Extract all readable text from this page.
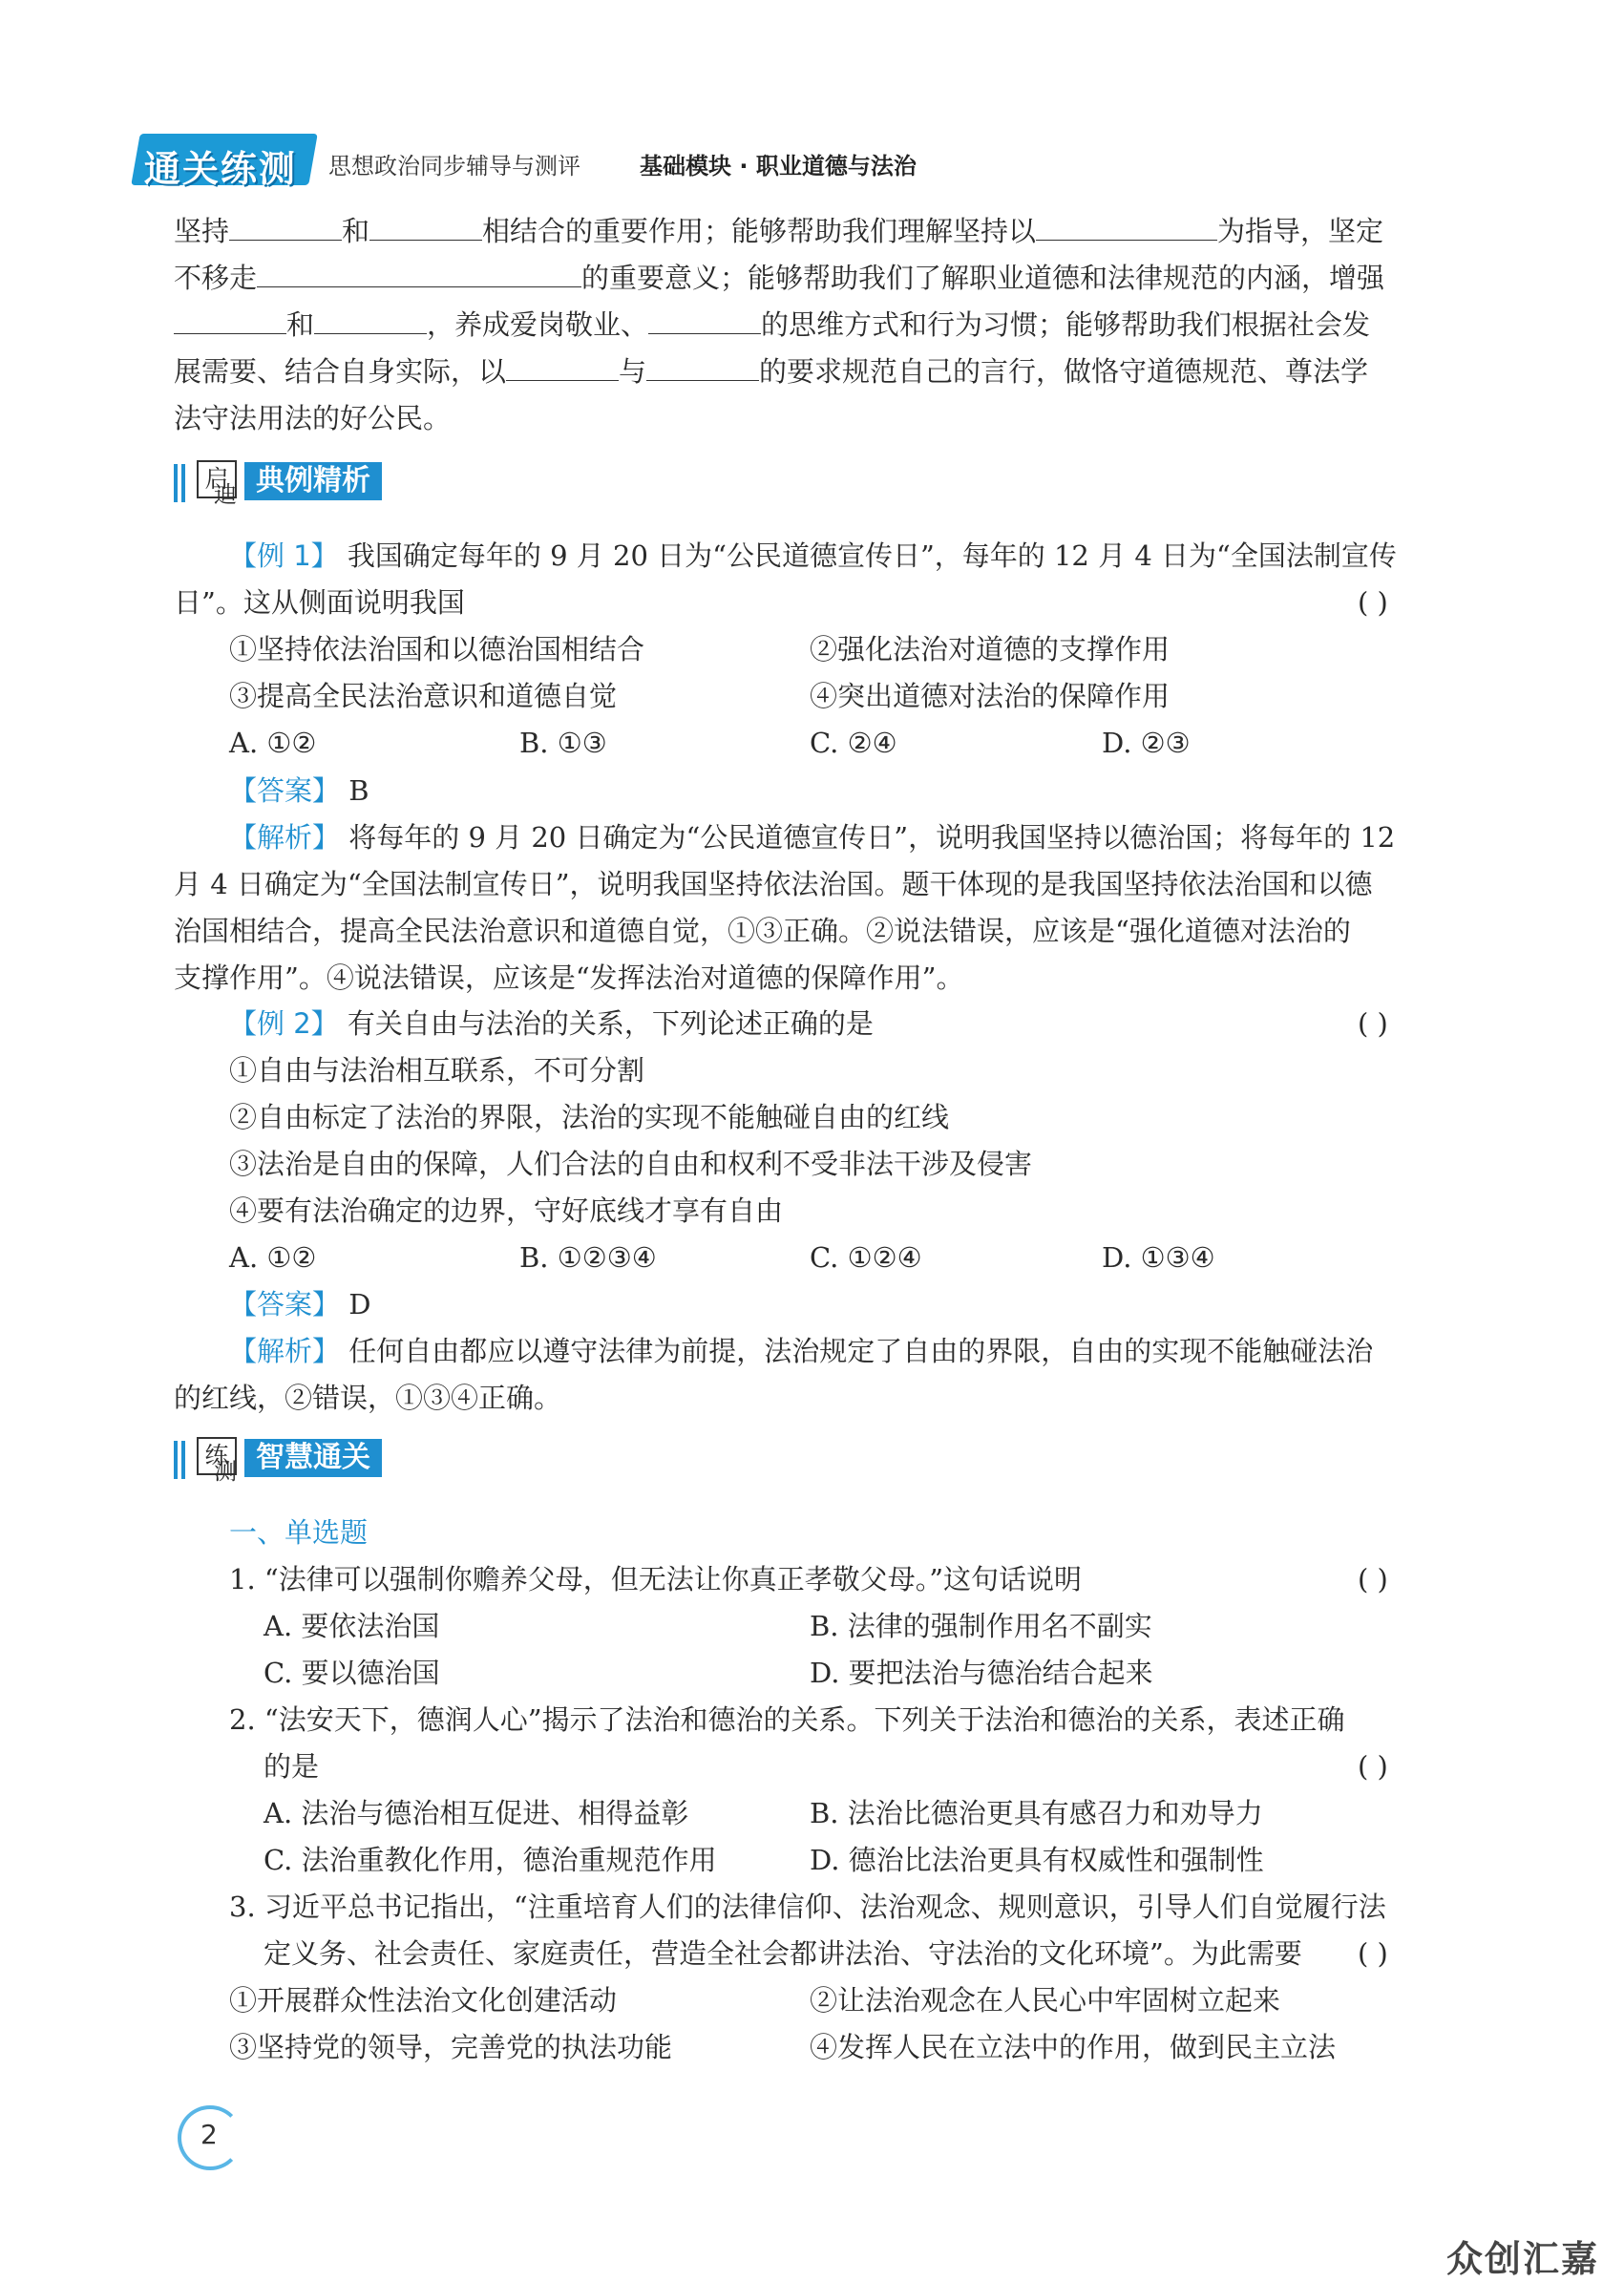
通关练测 思想政治同步辅导与测评	基础模块 · 职业道德与法治
坚持	和	相结合的重要作用；能够帮助我们理解坚持以	为指导，坚定
不移走	的重要意义；能够帮助我们了解职业道德和法律规范的内涵，增强
和	，养成爱岗敬业、	的思维方式和行为习惯；能够帮助我们根据社会发
展需要、结合自身实际，以	与	的要求规范自己的言行，做恪守道德规范、尊法学
法守法用法的好公民。
启
迪 典例精析
【例 1】 我国确定每年的 9 月 20 日为“公民道德宣传日”，每年的 12 月 4 日为“全国法制宣传
日”。这从侧面说明我国	( )
①坚持依法治国和以德治国相结合	②强化法治对道德的支撑作用
③提高全民法治意识和道德自觉	④突出道德对法治的保障作用
A. ①②	B. ①③	C. ②④	D. ②③
【答案】 B
【解析】 将每年的 9 月 20 日确定为“公民道德宣传日”，说明我国坚持以德治国；将每年的 12
月 4 日确定为“全国法制宣传日”，说明我国坚持依法治国。题干体现的是我国坚持依法治国和以德
治国相结合，提高全民法治意识和道德自觉，①③正确。②说法错误，应该是“强化道德对法治的
支撑作用”。④说法错误，应该是“发挥法治对道德的保障作用”。
【例 2】 有关自由与法治的关系，下列论述正确的是	( )
①自由与法治相互联系，不可分割
②自由标定了法治的界限，法治的实现不能触碰自由的红线
③法治是自由的保障，人们合法的自由和权利不受非法干涉及侵害
④要有法治确定的边界，守好底线才享有自由
A. ①②	B. ①②③④	C. ①②④	D. ①③④
【答案】 D
【解析】 任何自由都应以遵守法律为前提，法治规定了自由的界限，自由的实现不能触碰法治
的红线，②错误，①③④正确。
练
测 智慧通关
一、单选题
1. “法律可以强制你赡养父母，但无法让你真正孝敬父母。”这句话说明	( )
A. 要依法治国	B. 法律的强制作用名不副实
C. 要以德治国	D. 要把法治与德治结合起来
2. “法安天下，德润人心”揭示了法治和德治的关系。下列关于法治和德治的关系，表述正确
的是	( )
A. 法治与德治相互促进、相得益彰	B. 法治比德治更具有感召力和劝导力
C. 法治重教化作用，德治重规范作用	D. 德治比法治更具有权威性和强制性
3. 习近平总书记指出，“注重培育人们的法律信仰、法治观念、规则意识，引导人们自觉履行法
定义务、社会责任、家庭责任，营造全社会都讲法治、守法治的文化环境”。为此需要 ( )
①开展群众性法治文化创建活动	②让法治观念在人民心中牢固树立起来
③坚持党的领导，完善党的执法功能	④发挥人民在立法中的作用，做到民主立法
2
众创汇嘉
